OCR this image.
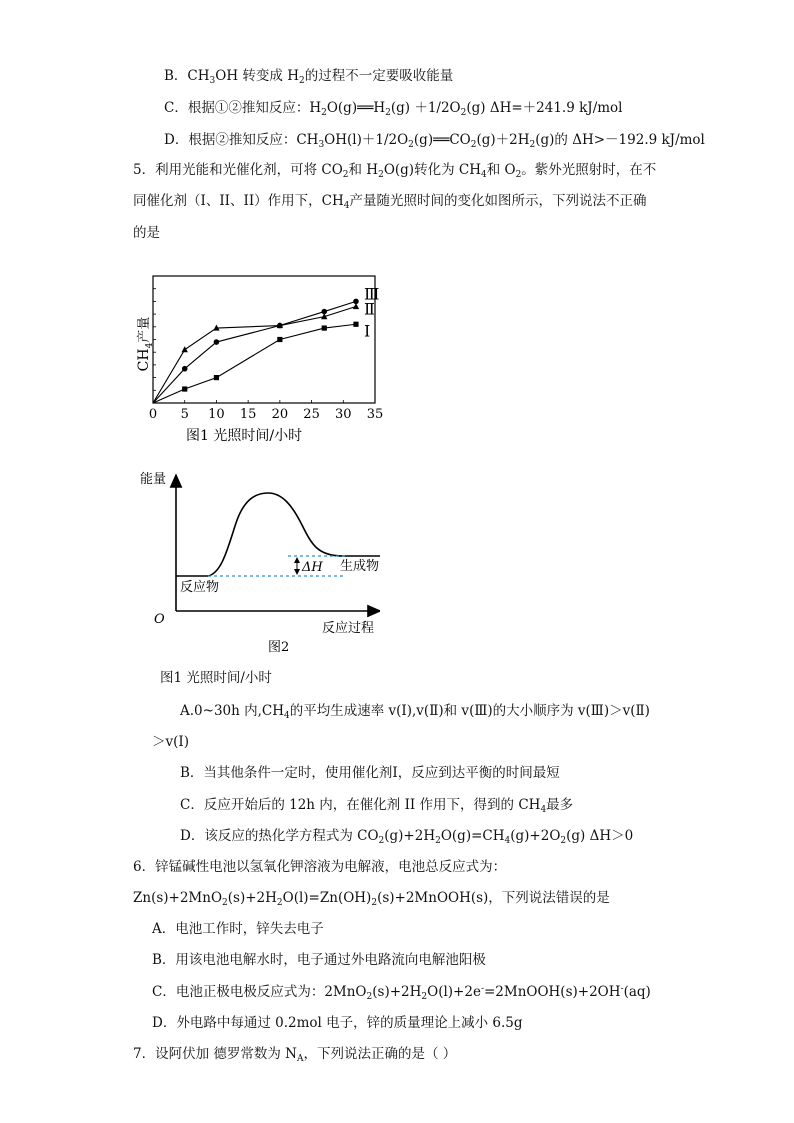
B．$CH_3OH$ 转变成 $H_2$的过程不一定要吸收能量
C．根据①②推知反应：$H_2O(g)══H_2(g) +1/2O_2(g)$ ΔH=＋241.9 kJ/mol
D．根据②推知反应：$CH_3OH(l)+1/2O_2(g)══CO_2(g)+2H_2(g)$的 ΔH>－192.9 kJ/mol
5．利用光能和光催化剂，可将 $CO_2$和 $H_2O(g)$转化为 $CH_4$和 $O_2$。紫外光照射时，在不
同催化剂（I、II、II）作用下，$CH_4$产量随光照时间的变化如图所示，下列说法不正确
的是
0 5 10 15 20 25 30 35
Ⅲ
Ⅱ
Ⅰ
$CH_4$产量
图1 光照时间/小时
能量
O
反应过程
ΔH 生成物
反应物
图2
图1 光照时间/小时
A.0~30h 内$,CH_4$的平均生成速率 v(Ⅰ),v(Ⅱ)和 v(Ⅲ)的大小顺序为 v(Ⅲ)＞v(Ⅱ)
＞v(Ⅰ)
B．当其他条件一定时，使用催化剂Ⅰ，反应到达平衡的时间最短
C．反应开始后的 12h 内，在催化剂 II 作用下，得到的 $CH_4$最多
D．该反应的热化学方程式为 $CO_2(g)+2H_2O(g)=CH_4(g)+2O_2(g)$ ΔH＞0
6．锌锰碱性电池以氢氧化钾溶液为电解液，电池总反应式为：
$Zn(s)+2MnO_2(s)+2H_2O(l)=Zn(OH)_2(s)+2MnOOH(s)$，下列说法错误的是
A．电池工作时，锌失去电子
B．用该电池电解水时，电子通过外电路流向电解池阳极
C．电池正极电极反应式为：$2MnO_2(s)+2H_2O(l)+2e^-=2MnOOH(s)+2OH^-(aq)$
D．外电路中每通过 0.2mol 电子，锌的质量理论上减小 6.5g
7．设阿伏加 德罗常数为 $N_A$，下列说法正确的是（ ）
